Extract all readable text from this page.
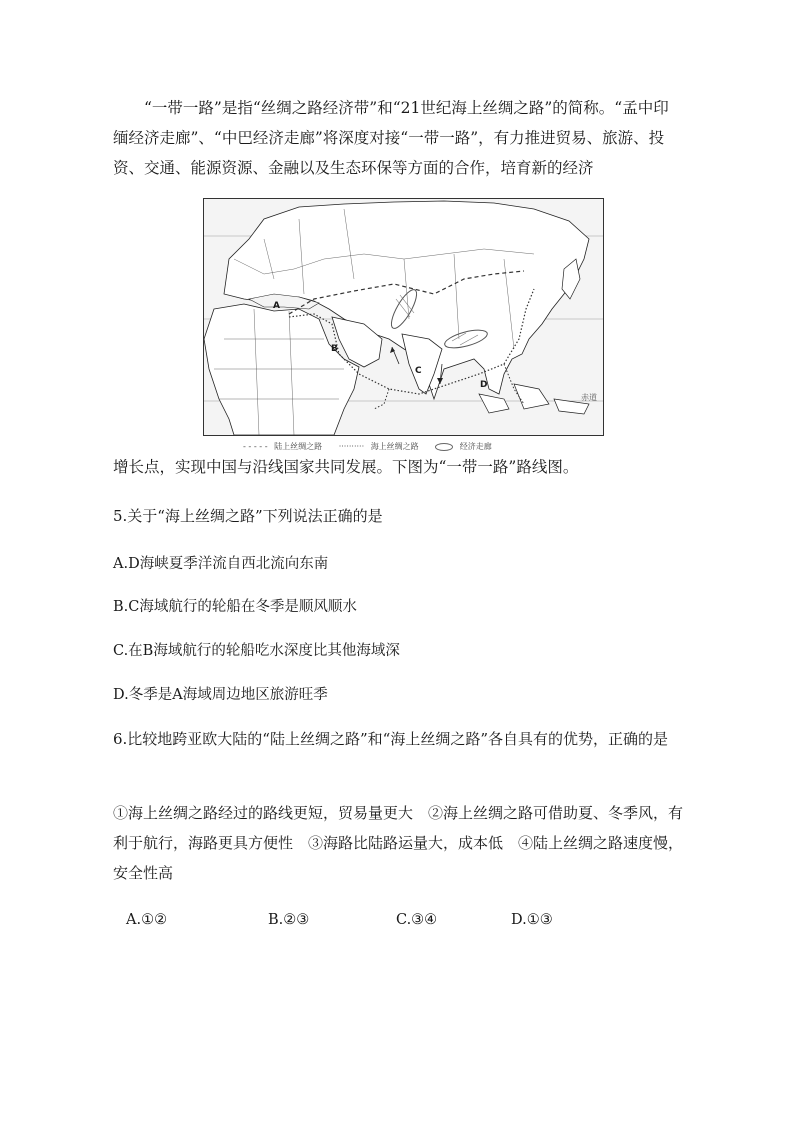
“一带一路”是指“丝绸之路经济带”和“21世纪海上丝绸之路”的简称。“孟中印缅经济走廊”、“中巴经济走廊”将深度对接“一带一路”，有力推进贸易、旅游、投资、交通、能源资源、金融以及生态环保等方面的合作，培育新的经济

A
B
C
D
赤道
- - - - - 陆上丝绸之路 ·········· 海上丝绸之路	经济走廊

增长点，实现中国与沿线国家共同发展。下图为“一带一路”路线图。

5.关于“海上丝绸之路”下列说法正确的是

A.D海峡夏季洋流自西北流向东南

B.C海域航行的轮船在冬季是顺风顺水

C.在B海域航行的轮船吃水深度比其他海域深

D.冬季是A海域周边地区旅游旺季

6.比较地跨亚欧大陆的“陆上丝绸之路”和“海上丝绸之路”各自具有的优势，正确的是

①海上丝绸之路经过的路线更短，贸易量更大　②海上丝绸之路可借助夏、冬季风，有利于航行，海路更具方便性　③海路比陆路运量大，成本低　④陆上丝绸之路速度慢，安全性高

A.①②	B.②③	C.③④	D.①③
